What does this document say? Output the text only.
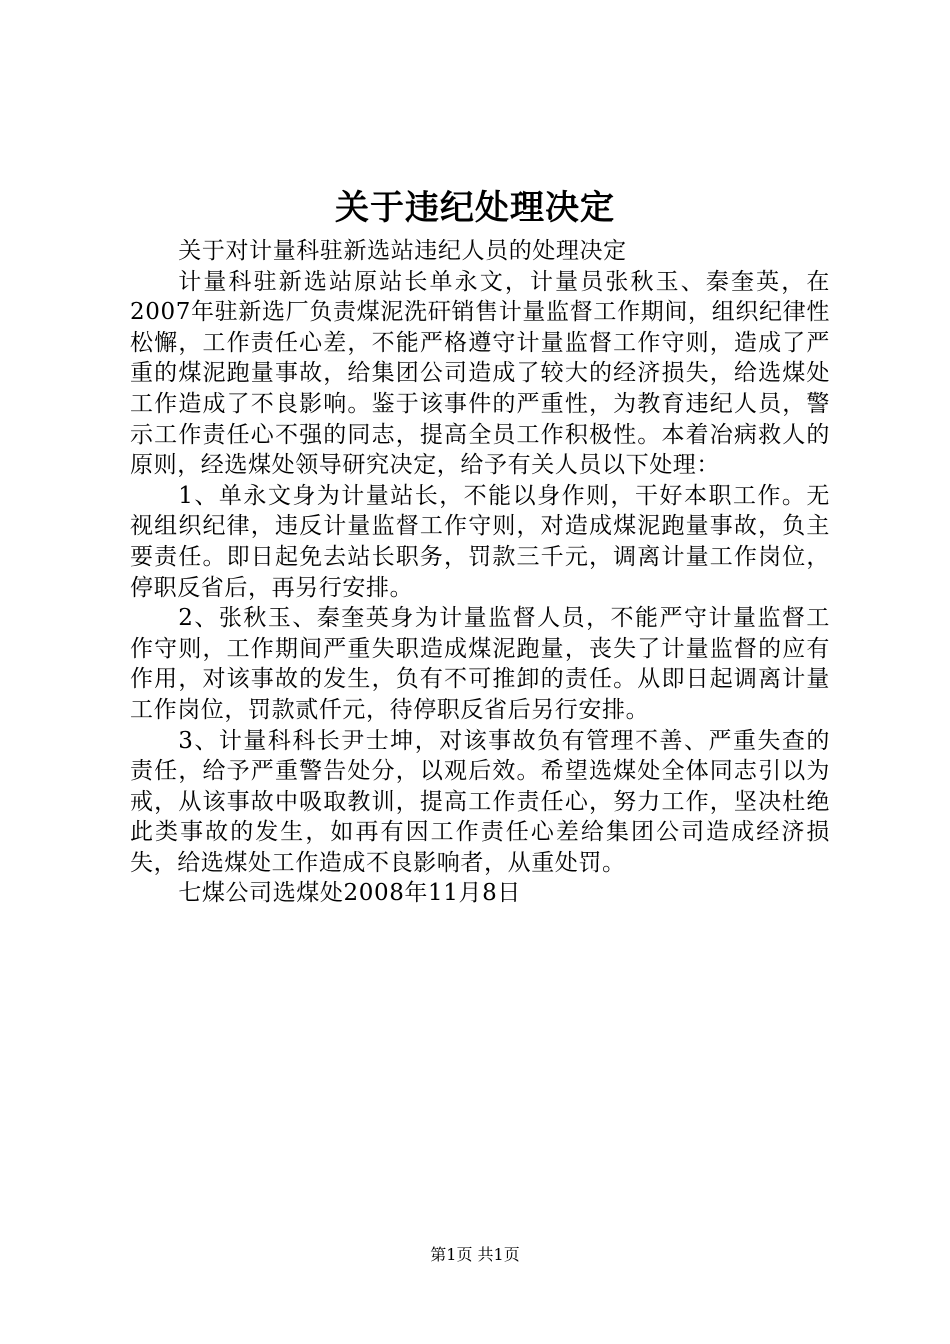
关于违纪处理决定

关于对计量科驻新选站违纪人员的处理决定

计量科驻新选站原站长单永文，计量员张秋玉、秦奎英，在2007年驻新选厂负责煤泥洗矸销售计量监督工作期间，组织纪律性松懈，工作责任心差，不能严格遵守计量监督工作守则，造成了严重的煤泥跑量事故，给集团公司造成了较大的经济损失，给选煤处工作造成了不良影响。鉴于该事件的严重性，为教育违纪人员，警示工作责任心不强的同志，提高全员工作积极性。本着冶病救人的原则，经选煤处领导研究决定，给予有关人员以下处理：

1、单永文身为计量站长，不能以身作则，干好本职工作。无视组织纪律，违反计量监督工作守则，对造成煤泥跑量事故，负主要责任。即日起免去站长职务，罚款三千元，调离计量工作岗位，停职反省后，再另行安排。

2、张秋玉、秦奎英身为计量监督人员，不能严守计量监督工作守则，工作期间严重失职造成煤泥跑量，丧失了计量监督的应有作用，对该事故的发生，负有不可推卸的责任。从即日起调离计量工作岗位，罚款贰仟元，待停职反省后另行安排。

3、计量科科长尹士坤，对该事故负有管理不善、严重失查的责任，给予严重警告处分，以观后效。希望选煤处全体同志引以为戒，从该事故中吸取教训，提高工作责任心，努力工作，坚决杜绝此类事故的发生，如再有因工作责任心差给集团公司造成经济损失，给选煤处工作造成不良影响者，从重处罚。

七煤公司选煤处2008年11月8日

第1页 共1页
